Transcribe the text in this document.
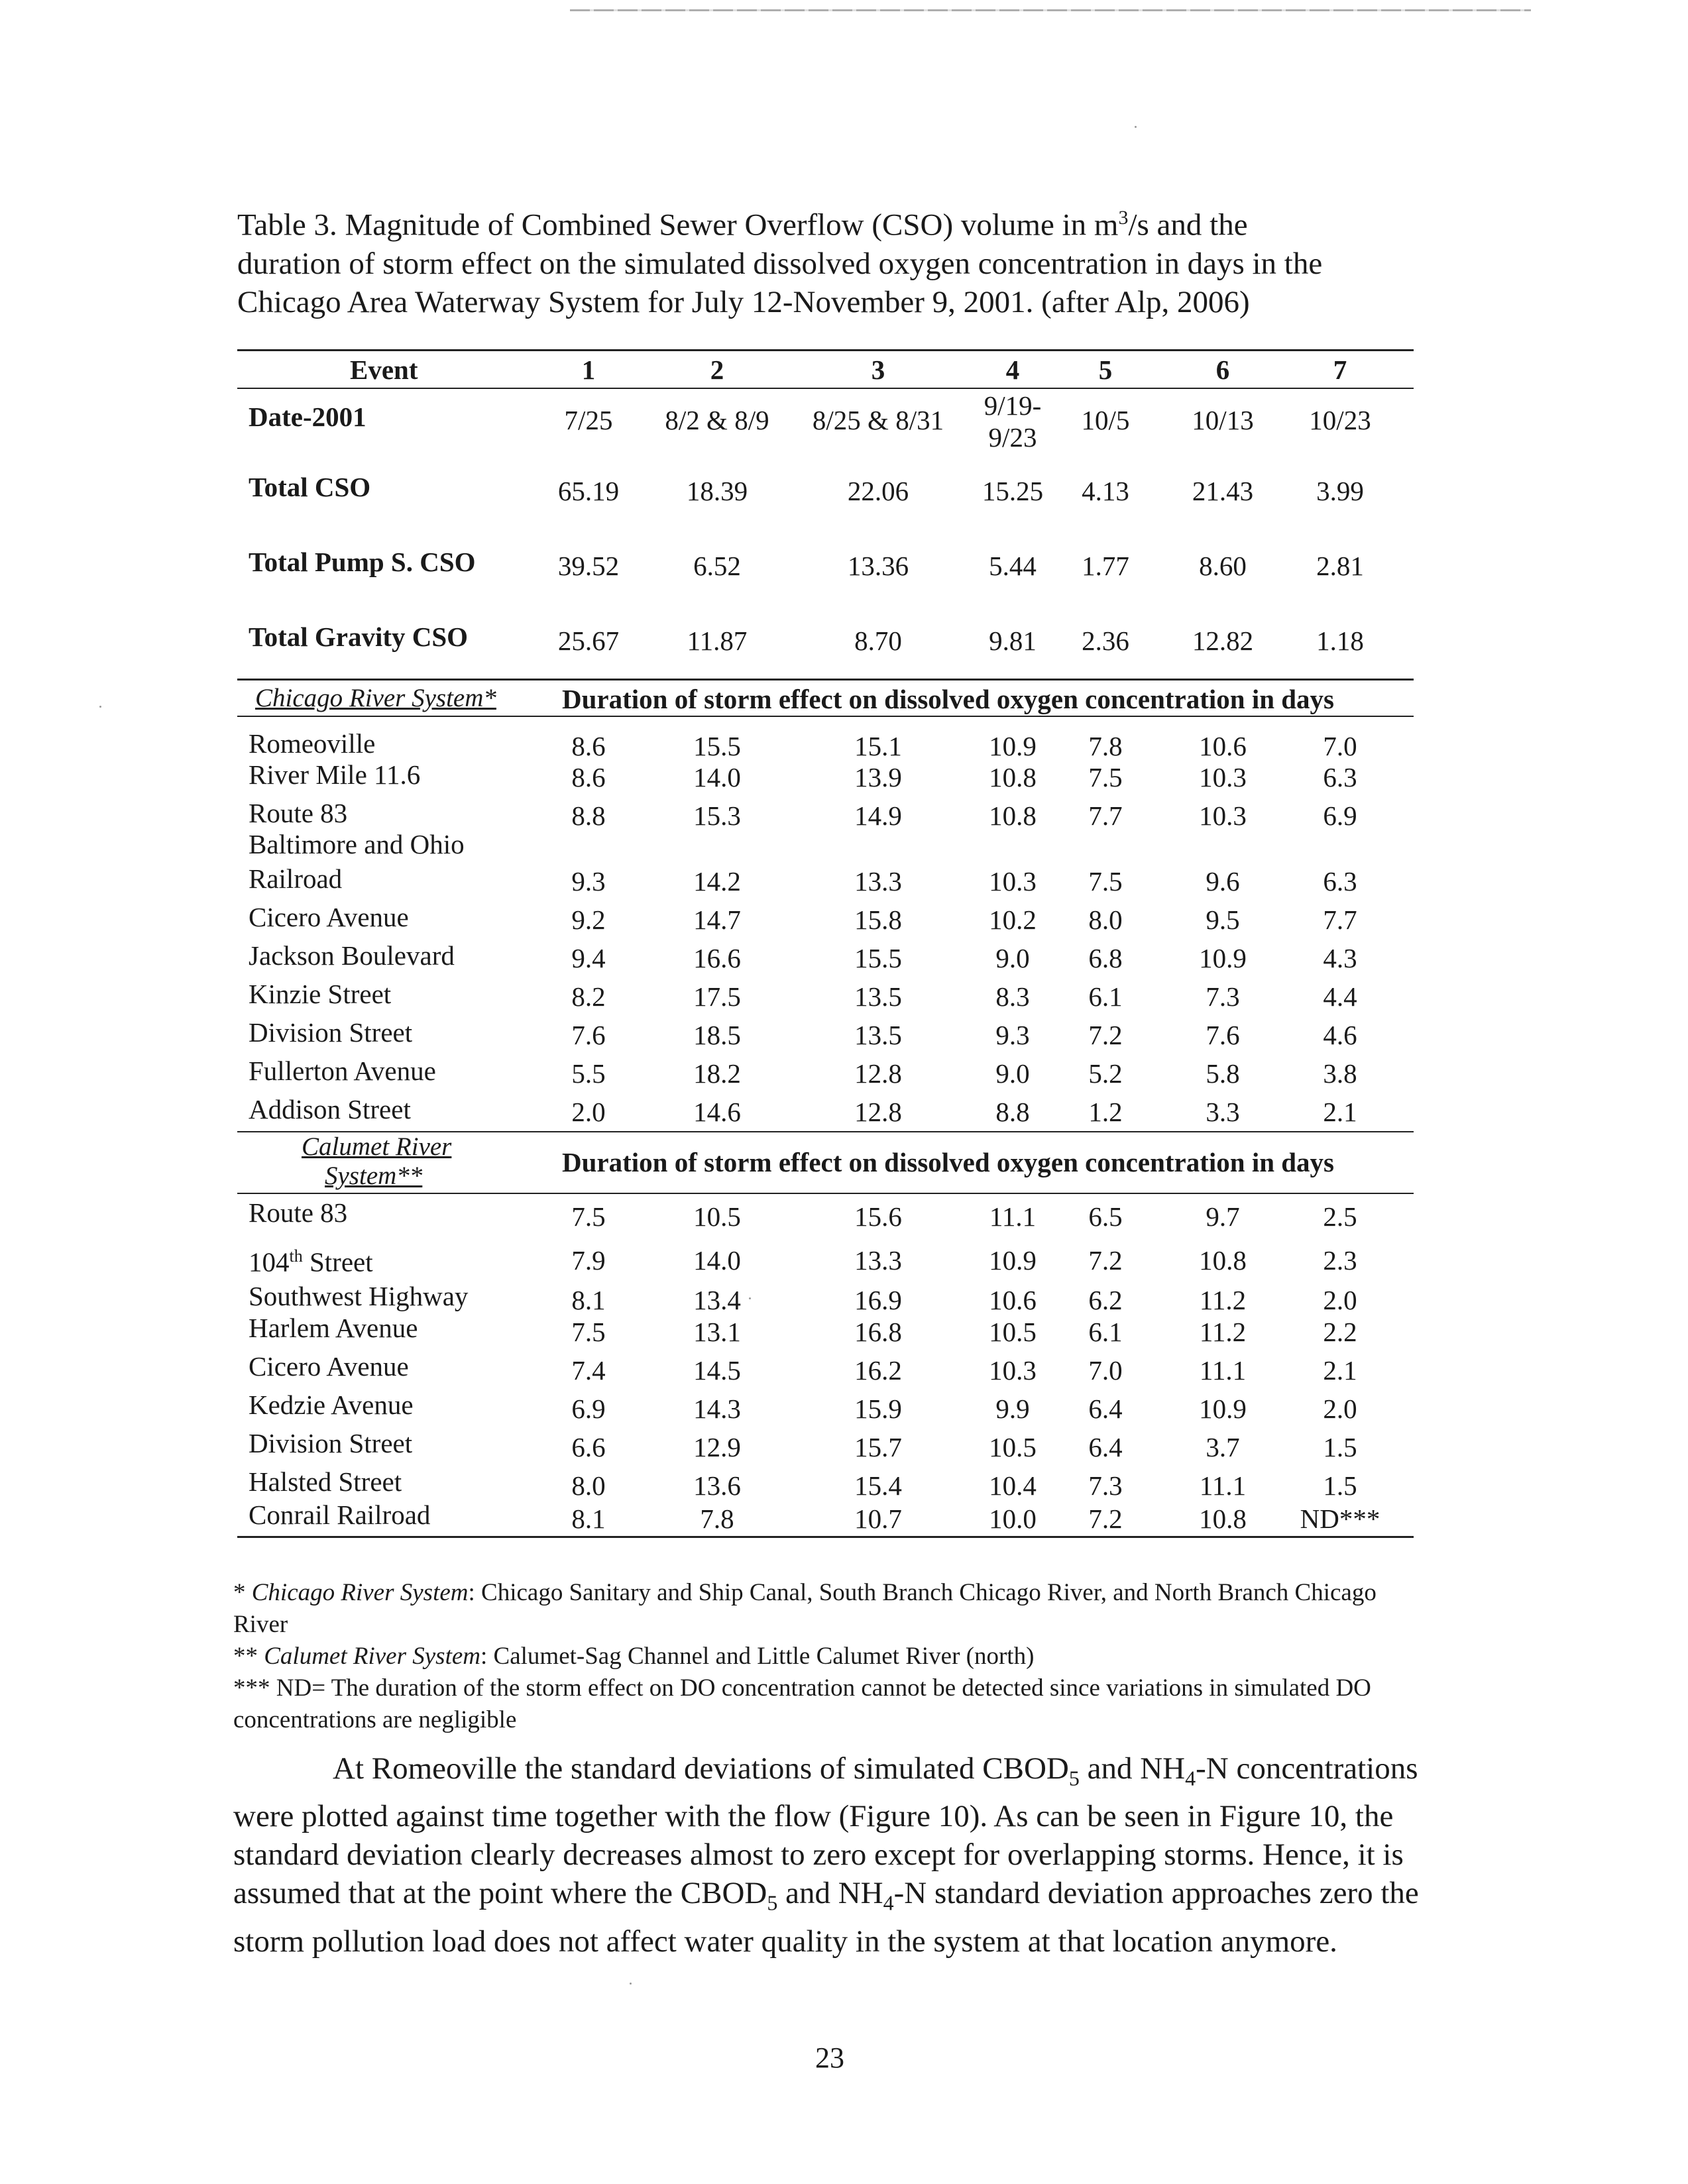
Table 3. Magnitude of Combined Sewer Overflow (CSO) volume in $m^3/s$ and the
duration of storm effect on the simulated dissolved oxygen concentration in days in the
Chicago Area Waterway System for July 12-November 9, 2001. (after Alp, 2006)
Event	1	2	3	4	5	6	7
Date-2001	7/25	8/2 & 8/9	8/25 & 8/31	9/19-	10/5	10/13	10/23
9/23
Total CSO	65.19	18.39	22.06	15.25	4.13	21.43	3.99
Total Pump S. CSO	39.52	6.52	13.36	5.44	1.77	8.60	2.81
Total Gravity CSO	25.67	11.87	8.70	9.81	2.36	12.82	1.18
Chicago River System* Duration of storm effect on dissolved oxygen concentration in days
Romeoville	8.6	15.5	15.1	10.9	7.8	10.6	7.0
River Mile 11.6	8.6	14.0	13.9	10.8	7.5	10.3	6.3
Route 83	8.8	15.3	14.9	10.8	7.7	10.3	6.9
Baltimore and Ohio
Railroad	9.3	14.2	13.3	10.3	7.5	9.6	6.3
Cicero Avenue	9.2	14.7	15.8	10.2	8.0	9.5	7.7
Jackson Boulevard	9.4	16.6	15.5	9.0	6.8	10.9	4.3
Kinzie Street	8.2	17.5	13.5	8.3	6.1	7.3	4.4
Division Street	7.6	18.5	13.5	9.3	7.2	7.6	4.6
Fullerton Avenue	5.5	18.2	12.8	9.0	5.2	5.8	3.8
Addison Street	2.0	14.6	12.8	8.8	1.2	3.3	2.1
Calumet River
System**	Duration of storm effect on dissolved oxygen concentration in days
Route 83	7.5	10.5	15.6	11.1	6.5	9.7	2.5
104th Street	7.9	14.0	13.3	10.9	7.2	10.8	2.3
Southwest Highway	8.1	13.4	16.9	10.6	6.2	11.2	2.0
Harlem Avenue	7.5	13.1	16.8	10.5	6.1	11.2	2.2
Cicero Avenue	7.4	14.5	16.2	10.3	7.0	11.1	2.1
Kedzie Avenue	6.9	14.3	15.9	9.9	6.4	10.9	2.0
Division Street	6.6	12.9	15.7	10.5	6.4	3.7	1.5
Halsted Street	8.0	13.6	15.4	10.4	7.3	11.1	1.5
Conrail Railroad	8.1	7.8	10.7	10.0	7.2	10.8	ND***

* Chicago River System: Chicago Sanitary and Ship Canal, South Branch Chicago River, and North Branch Chicago River

** Calumet River System: Calumet-Sag Channel and Little Calumet River (north)

*** ND= The duration of the storm effect on DO concentration cannot be detected since variations in simulated DO concentrations are negligible

At Romeoville the standard deviations of simulated $CBOD_5$ and $NH_4-N$ concentrations were plotted against time together with the flow (Figure 10). As can be seen in Figure 10, the standard deviation clearly decreases almost to zero except for overlapping storms. Hence, it is assumed that at the point where the $CBOD_5$ and $NH_4-N$ standard deviation approaches zero the storm pollution load does not affect water quality in the system at that location anymore.

23
